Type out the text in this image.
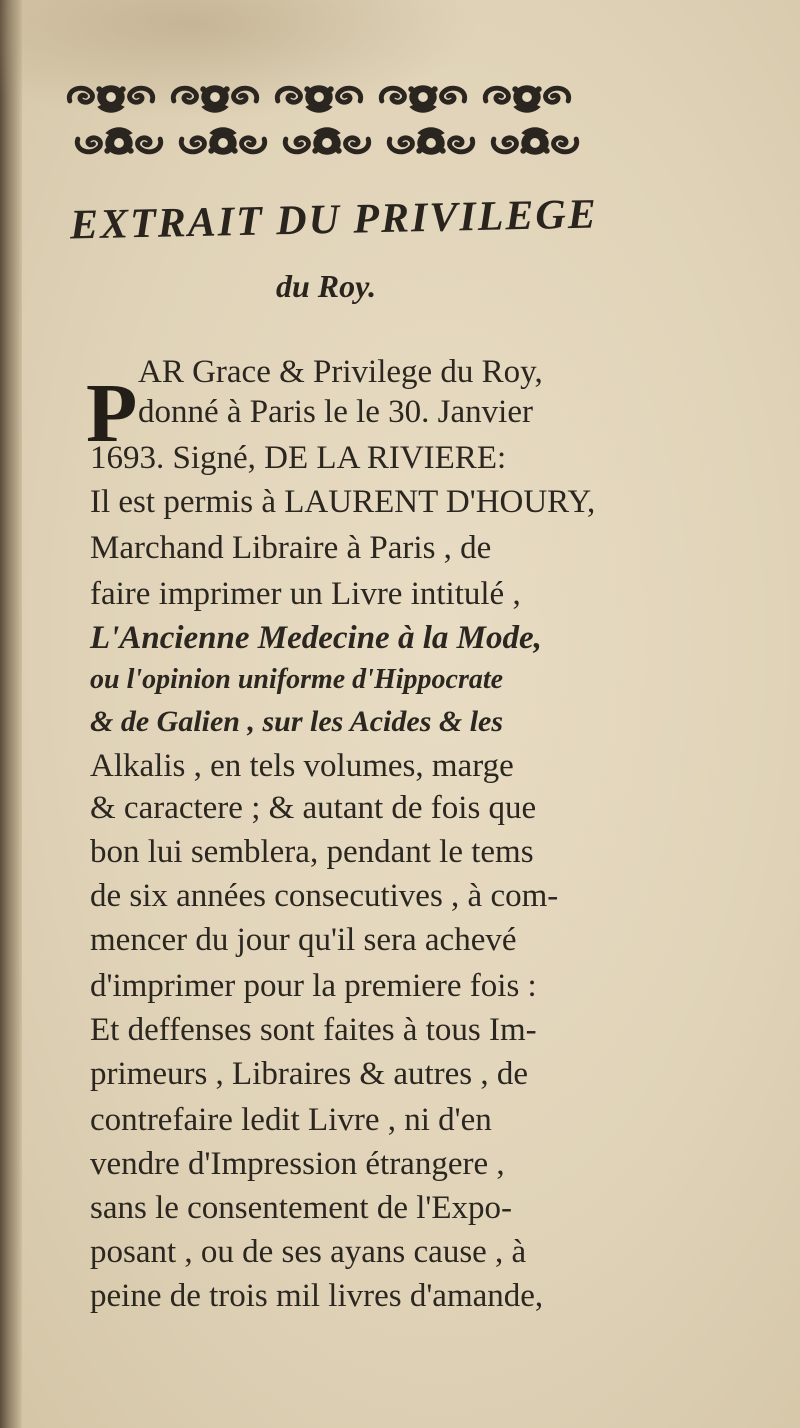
EXTRAIT DU PRIVILEGE
du Roy.
P AR Grace & Privilege du Roy,
donné à Paris le le 30. Janvier
1693. Signé, DE LA RIVIERE:
Il est permis à LAURENT D'HOURY,
Marchand Libraire à Paris , de
faire imprimer un Livre intitulé ,
L'Ancienne Medecine à la Mode,
ou l'opinion uniforme d'Hippocrate
& de Galien , sur les Acides & les
Alkalis , en tels volumes, marge
& caractere ; & autant de fois que
bon lui semblera, pendant le tems
de six années consecutives , à com-
mencer du jour qu'il sera achevé
d'imprimer pour la premiere fois :
Et deffenses sont faites à tous Im-
primeurs , Libraires & autres , de
contrefaire ledit Livre , ni d'en
vendre d'Impression étrangere ,
sans le consentement de l'Expo-
posant , ou de ses ayans cause , à
peine de trois mil livres d'amande,
